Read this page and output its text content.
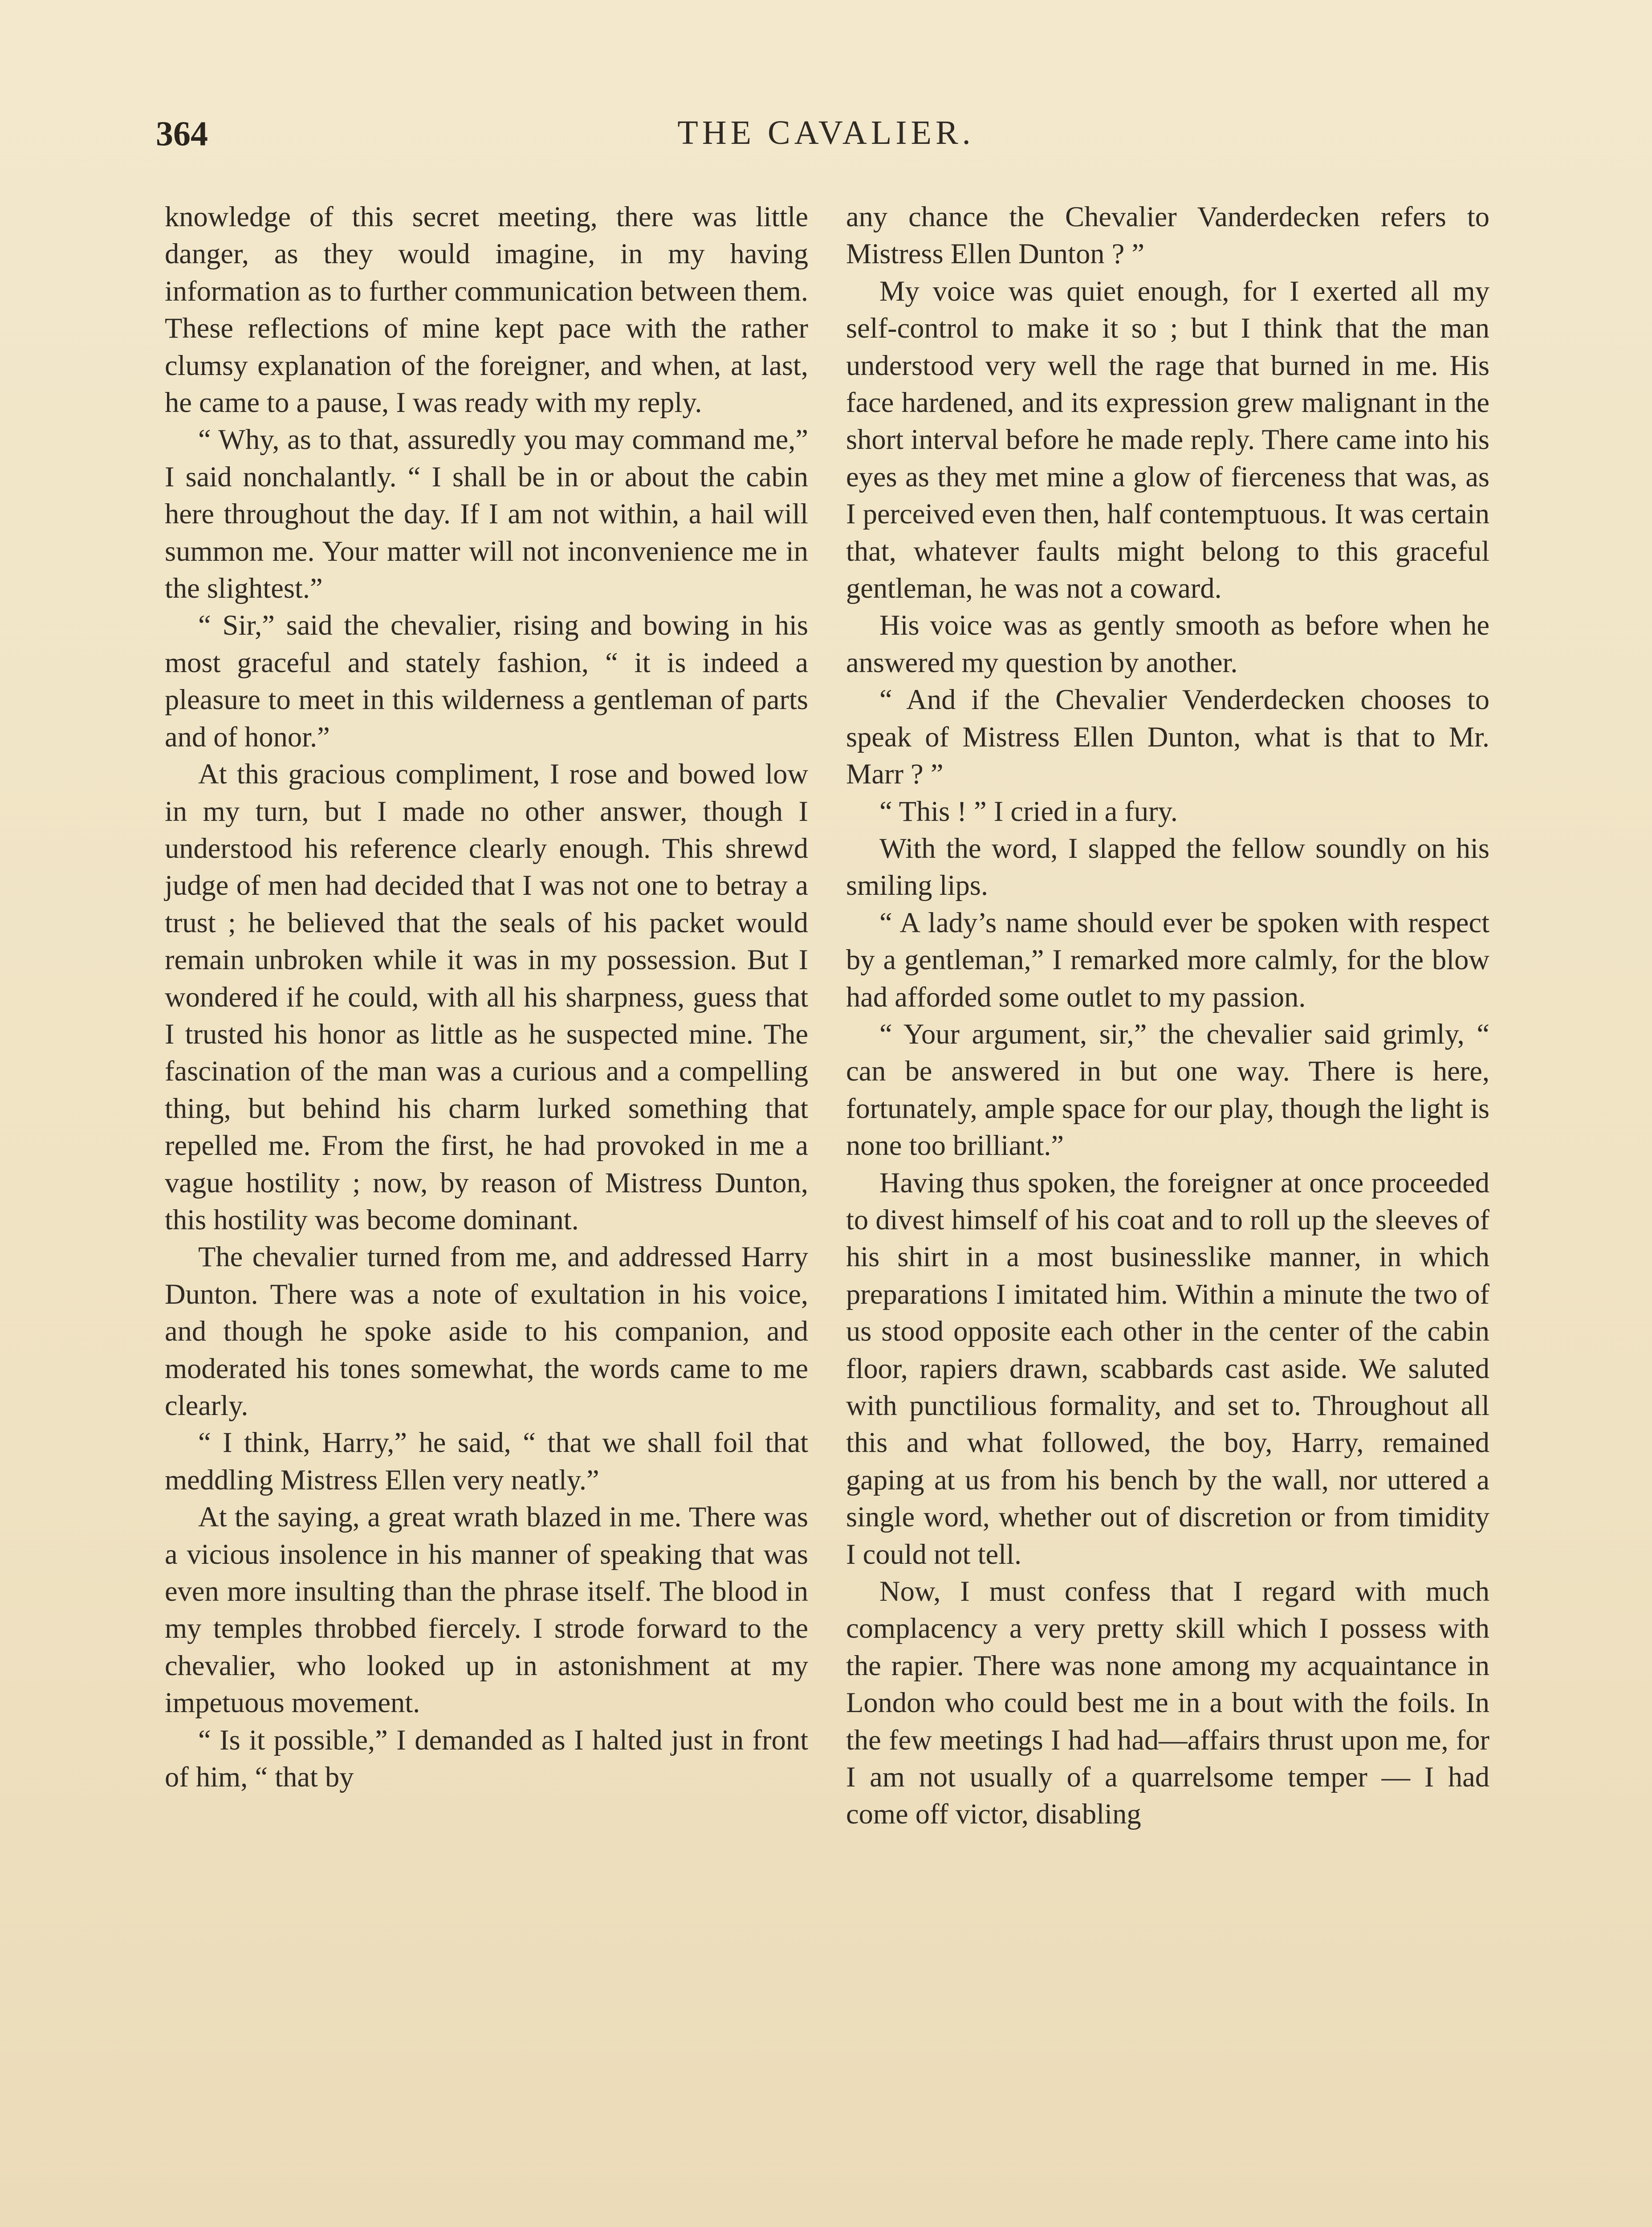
364	THE CAVALIER.

knowledge of this secret meeting, there was little danger, as they would imagine, in my having information as to further communication between them. These reflections of mine kept pace with the rather clumsy explanation of the foreigner, and when, at last, he came to a pause, I was ready with my reply.

“ Why, as to that, assuredly you may command me,” I said nonchalantly. “ I shall be in or about the cabin here throughout the day. If I am not within, a hail will summon me. Your matter will not inconvenience me in the slightest.”

“ Sir,” said the chevalier, rising and bowing in his most graceful and stately fashion, “ it is indeed a pleasure to meet in this wilderness a gentleman of parts and of honor.”

At this gracious compliment, I rose and bowed low in my turn, but I made no other answer, though I understood his reference clearly enough. This shrewd judge of men had decided that I was not one to betray a trust ; he believed that the seals of his packet would remain unbroken while it was in my possession. But I wondered if he could, with all his sharpness, guess that I trusted his honor as little as he suspected mine. The fascination of the man was a curious and a compelling thing, but behind his charm lurked something that repelled me. From the first, he had provoked in me a vague hostility ; now, by reason of Mistress Dunton, this hostility was become dominant.

The chevalier turned from me, and addressed Harry Dunton. There was a note of exultation in his voice, and though he spoke aside to his companion, and moderated his tones somewhat, the words came to me clearly.

“ I think, Harry,” he said, “ that we shall foil that meddling Mistress Ellen very neatly.”

At the saying, a great wrath blazed in me. There was a vicious insolence in his manner of speaking that was even more insulting than the phrase itself. The blood in my temples throbbed fiercely. I strode forward to the chevalier, who looked up in astonishment at my impetuous movement.

“ Is it possible,” I demanded as I halted just in front of him, “ that by

any chance the Chevalier Vanderdecken refers to Mistress Ellen Dunton ? ”

My voice was quiet enough, for I exerted all my self-control to make it so ; but I think that the man understood very well the rage that burned in me. His face hardened, and its expression grew malignant in the short interval before he made reply. There came into his eyes as they met mine a glow of fierceness that was, as I perceived even then, half contemptuous. It was certain that, whatever faults might belong to this graceful gentleman, he was not a coward.

His voice was as gently smooth as before when he answered my question by another.

“ And if the Chevalier Venderdecken chooses to speak of Mistress Ellen Dunton, what is that to Mr. Marr ? ”

“ This ! ” I cried in a fury.

With the word, I slapped the fellow soundly on his smiling lips.

“ A lady’s name should ever be spoken with respect by a gentleman,” I remarked more calmly, for the blow had afforded some outlet to my passion.

“ Your argument, sir,” the chevalier said grimly, “ can be answered in but one way. There is here, fortunately, ample space for our play, though the light is none too brilliant.”

Having thus spoken, the foreigner at once proceeded to divest himself of his coat and to roll up the sleeves of his shirt in a most businesslike manner, in which preparations I imitated him. Within a minute the two of us stood opposite each other in the center of the cabin floor, rapiers drawn, scabbards cast aside. We saluted with punctilious formality, and set to. Throughout all this and what followed, the boy, Harry, remained gaping at us from his bench by the wall, nor uttered a single word, whether out of discretion or from timidity I could not tell.

Now, I must confess that I regard with much complacency a very pretty skill which I possess with the rapier. There was none among my acquaintance in London who could best me in a bout with the foils. In the few meetings I had had—affairs thrust upon me, for I am not usually of a quarrelsome temper — I had come off victor, disabling
